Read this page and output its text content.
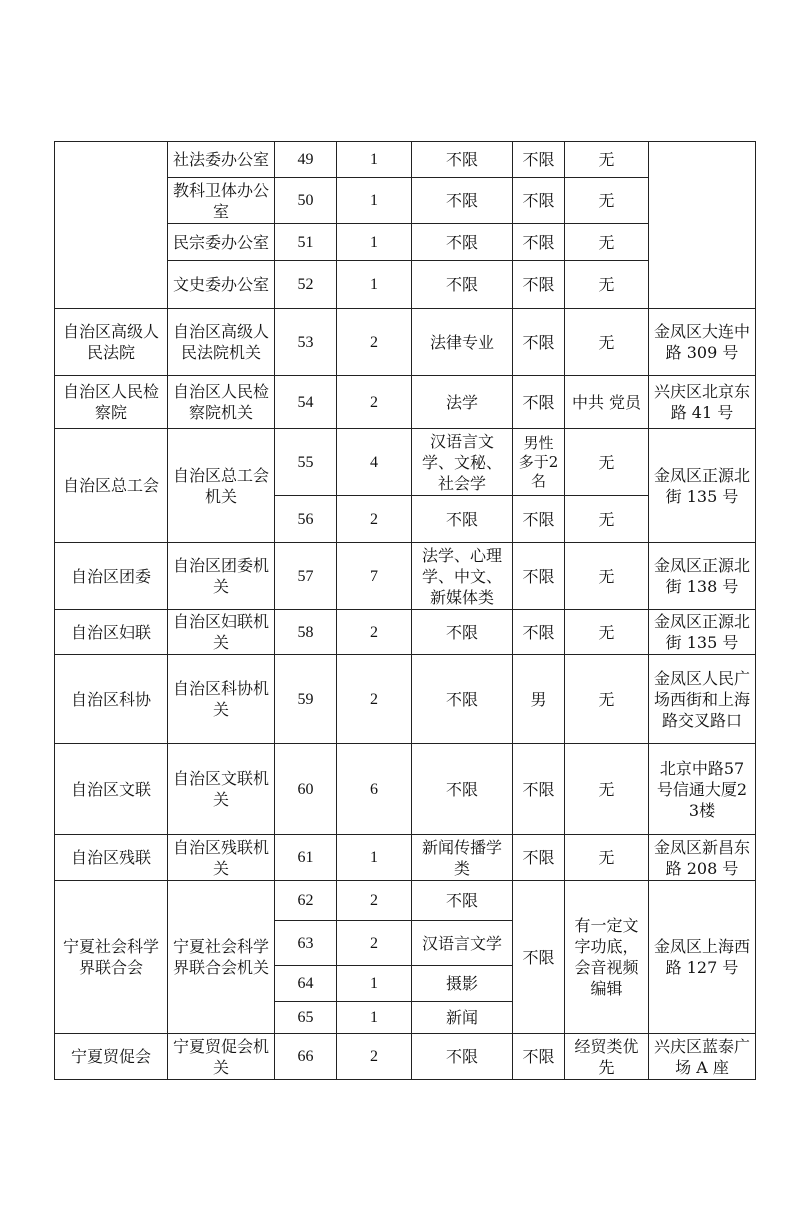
	社法委办公室	49	1	不限	不限	无	
	教科卫体办公室	50	1	不限	不限	无	
	民宗委办公室	51	1	不限	不限	无	
	文史委办公室	52	1	不限	不限	无	
自治区高级人民法院	自治区高级人民法院机关	53	2	法律专业	不限	无	金凤区大连中路 309 号
自治区人民检察院	自治区人民检察院机关	54	2	法学	不限	中共 党员	兴庆区北京东路 41 号
自治区总工会	自治区总工会机关	55	4	汉语言文学、文秘、社会学	男性多于2名	无	金凤区正源北街 135 号
		56	2	不限	不限	无	
自治区团委	自治区团委机关	57	7	法学、心理学、中文、新媒体类	不限	无	金凤区正源北街 138 号
自治区妇联	自治区妇联机关	58	2	不限	不限	无	金凤区正源北街 135 号
自治区科协	自治区科协机关	59	2	不限	男	无	金凤区人民广场西街和上海路交叉路口
自治区文联	自治区文联机关	60	6	不限	不限	无	北京中路57号信通大厦23楼
自治区残联	自治区残联机关	61	1	新闻传播学类	不限	无	金凤区新昌东路 208 号
宁夏社会科学界联合会	宁夏社会科学界联合会机关	62	2	不限	不限	有一定文字功底，会音视频编辑	金凤区上海西路 127 号
		63	2	汉语言文学			
		64	1	摄影			
		65	1	新闻			
宁夏贸促会	宁夏贸促会机关	66	2	不限	不限	经贸类优先	兴庆区蓝泰广场 A 座
